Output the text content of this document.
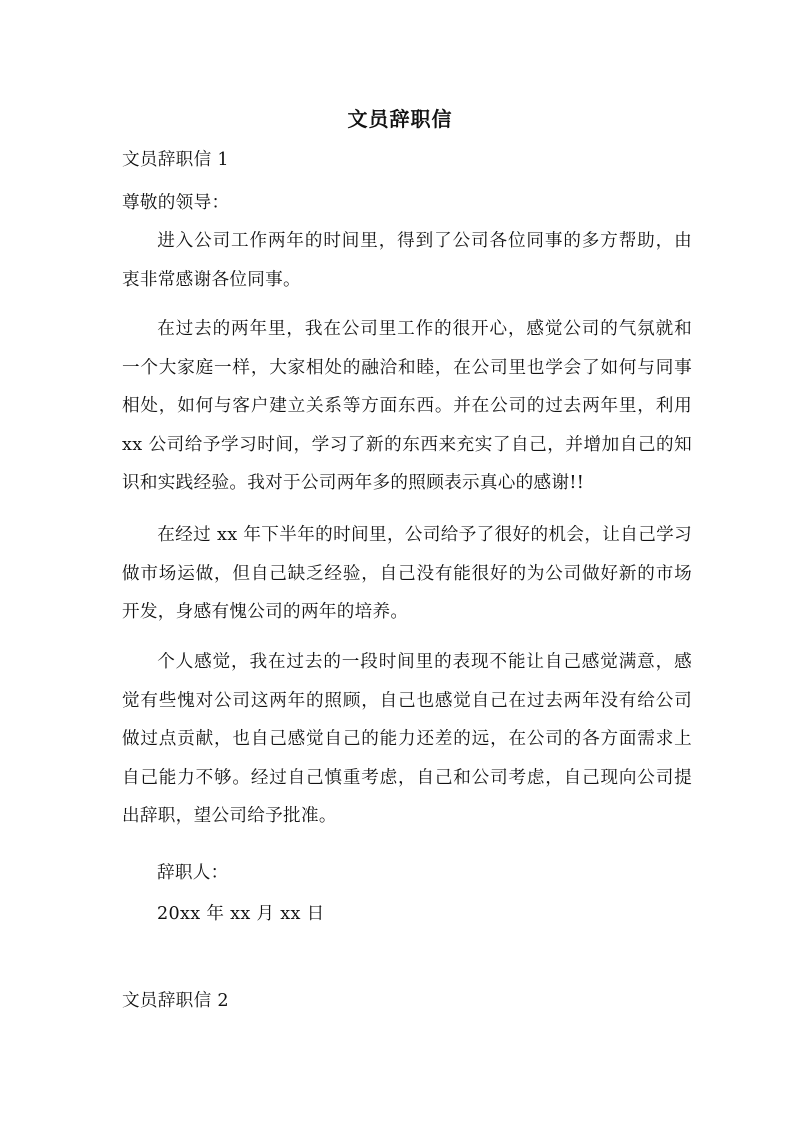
文员辞职信
文员辞职信 1
尊敬的领导：

进入公司工作两年的时间里，得到了公司各位同事的多方帮助，由衷非常感谢各位同事。

在过去的两年里，我在公司里工作的很开心，感觉公司的气氛就和一个大家庭一样，大家相处的融洽和睦，在公司里也学会了如何与同事相处，如何与客户建立关系等方面东西。并在公司的过去两年里，利用 xx 公司给予学习时间，学习了新的东西来充实了自己，并增加自己的知识和实践经验。我对于公司两年多的照顾表示真心的感谢!!

在经过 xx 年下半年的时间里，公司给予了很好的机会，让自己学习做市场运做，但自己缺乏经验，自己没有能很好的为公司做好新的市场开发，身感有愧公司的两年的培养。

个人感觉，我在过去的一段时间里的表现不能让自己感觉满意，感觉有些愧对公司这两年的照顾，自己也感觉自己在过去两年没有给公司做过点贡献，也自己感觉自己的能力还差的远，在公司的各方面需求上自己能力不够。经过自己慎重考虑，自己和公司考虑，自己现向公司提出辞职，望公司给予批准。

辞职人：
20xx 年 xx 月 xx 日
文员辞职信 2
